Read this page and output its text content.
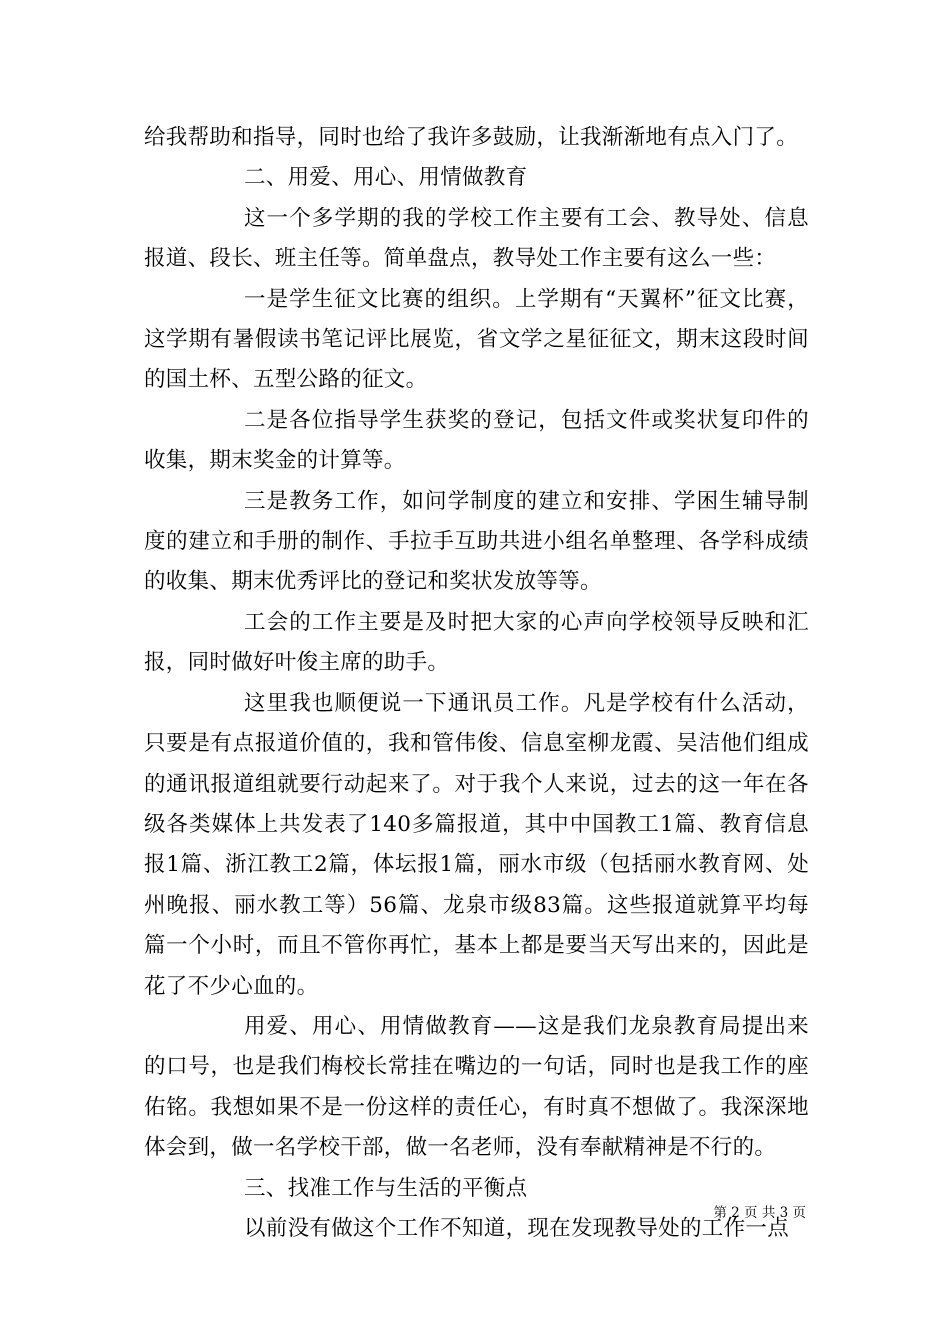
给我帮助和指导，同时也给了我许多鼓励，让我渐渐地有点入门了。

二、用爱、用心、用情做教育

这一个多学期的我的学校工作主要有工会、教导处、信息报道、段长、班主任等。简单盘点，教导处工作主要有这么一些：

一是学生征文比赛的组织。上学期有“天翼杯”征文比赛，这学期有暑假读书笔记评比展览，省文学之星征征文，期末这段时间的国土杯、五型公路的征文。

二是各位指导学生获奖的登记，包括文件或奖状复印件的收集，期末奖金的计算等。

三是教务工作，如问学制度的建立和安排、学困生辅导制度的建立和手册的制作、手拉手互助共进小组名单整理、各学科成绩的收集、期末优秀评比的登记和奖状发放等等。

工会的工作主要是及时把大家的心声向学校领导反映和汇报，同时做好叶俊主席的助手。

这里我也顺便说一下通讯员工作。凡是学校有什么活动，只要是有点报道价值的，我和管伟俊、信息室柳龙霞、吴洁他们组成的通讯报道组就要行动起来了。对于我个人来说，过去的这一年在各级各类媒体上共发表了140多篇报道，其中中国教工1篇、教育信息报1篇、浙江教工2篇，体坛报1篇，丽水市级（包括丽水教育网、处州晚报、丽水教工等）56篇、龙泉市级83篇。这些报道就算平均每篇一个小时，而且不管你再忙，基本上都是要当天写出来的，因此是花了不少心血的。

用爱、用心、用情做教育——这是我们龙泉教育局提出来的口号，也是我们梅校长常挂在嘴边的一句话，同时也是我工作的座佑铭。我想如果不是一份这样的责任心，有时真不想做了。我深深地体会到，做一名学校干部，做一名老师，没有奉献精神是不行的。

三、找准工作与生活的平衡点

以前没有做这个工作不知道，现在发现教导处的工作一点

第 2 页 共 3 页
